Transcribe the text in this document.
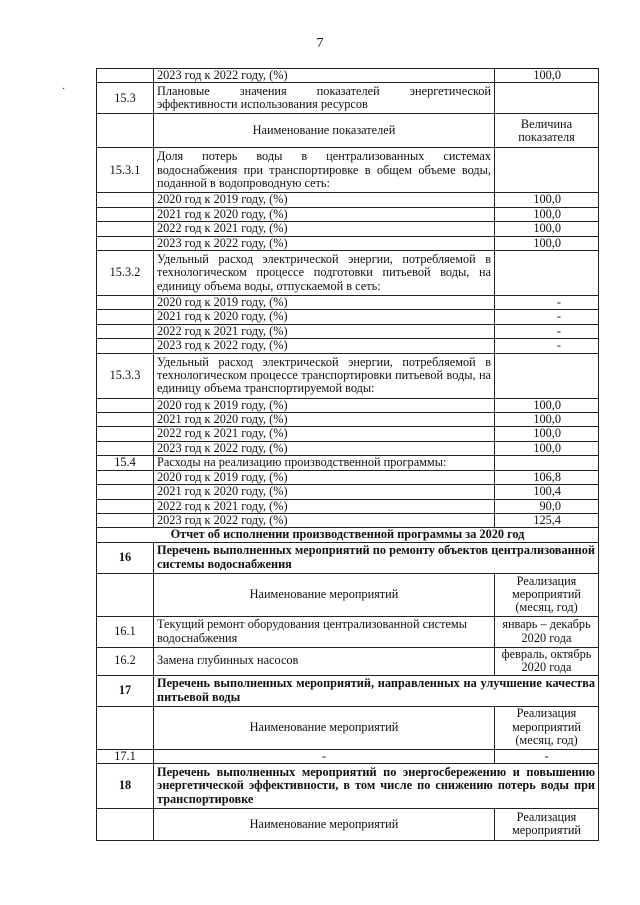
7
·
	2023 год к 2022 году, (%)	100,0
15.3	Плановые значения показателей энергетической эффективности использования ресурсов	
	Наименование показателей	Величина показателя
15.3.1	Доля потерь воды в централизованных системах водоснабжения при транспортировке в общем объеме воды, поданной в водопроводную сеть:	
	2020 год к 2019 году, (%)	100,0
	2021 год к 2020 году, (%)	100,0
	2022 год к 2021 году, (%)	100,0
	2023 год к 2022 году, (%)	100,0
15.3.2	Удельный расход электрической энергии, потребляемой в технологическом процессе подготовки питьевой воды, на единицу объема воды, отпускаемой в сеть:	
	2020 год к 2019 году, (%)	-
	2021 год к 2020 году, (%)	-
	2022 год к 2021 году, (%)	-
	2023 год к 2022 году, (%)	-
15.3.3	Удельный расход электрической энергии, потребляемой в технологическом процессе транспортировки питьевой воды, на единицу объема транспортируемой воды:	
	2020 год к 2019 году, (%)	100,0
	2021 год к 2020 году, (%)	100,0
	2022 год к 2021 году, (%)	100,0
	2023 год к 2022 году, (%)	100,0
15.4	Расходы на реализацию производственной программы:	
	2020 год к 2019 году, (%)	106,8
	2021 год к 2020 году, (%)	100,4
	2022 год к 2021 году, (%)	90,0
	2023 год к 2022 году, (%)	125,4
Отчет об исполнении производственной программы за 2020 год		
16	Перечень выполненных мероприятий по ремонту объектов централизованной системы водоснабжения	
	Наименование мероприятий	Реализация мероприятий (месяц, год)
16.1	Текущий ремонт оборудования централизованной системы водоснабжения	январь – декабрь 2020 года
16.2	Замена глубинных насосов	февраль, октябрь 2020 года
17	Перечень выполненных мероприятий, направленных на улучшение качества питьевой воды	
	Наименование мероприятий	Реализация мероприятий (месяц, год)
17.1	-	-
18	Перечень выполненных мероприятий по энергосбережению и повышению энергетической эффективности, в том числе по снижению потерь воды при транспортировке	
	Наименование мероприятий	Реализация мероприятий
